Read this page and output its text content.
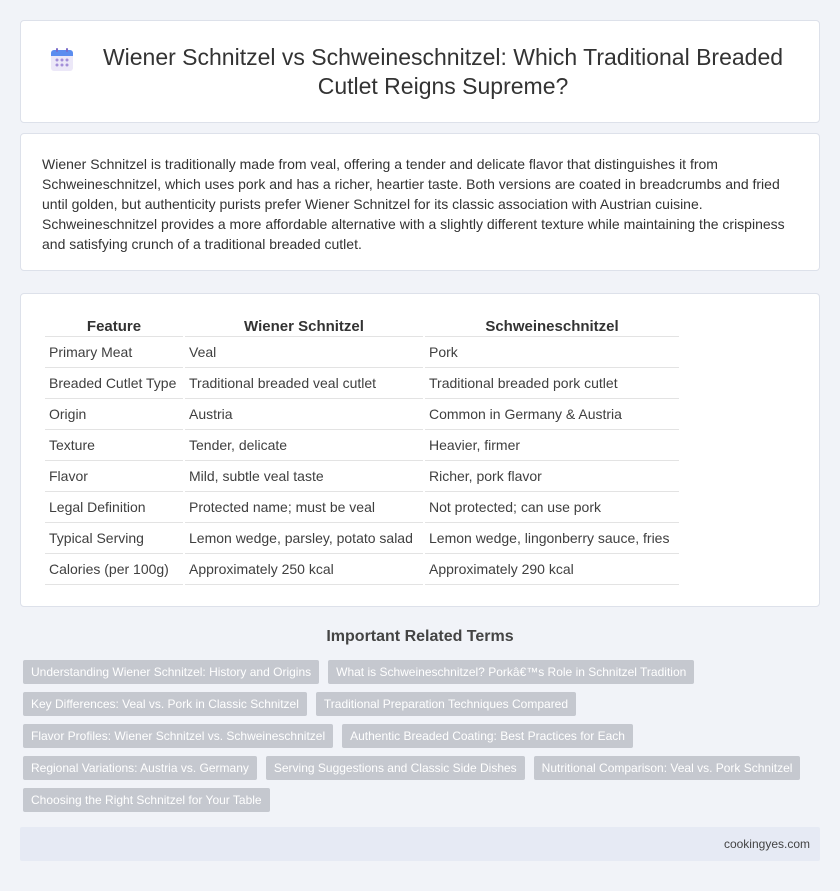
Wiener Schnitzel vs Schweineschnitzel: Which Traditional Breaded Cutlet Reigns Supreme?

Wiener Schnitzel is traditionally made from veal, offering a tender and delicate flavor that distinguishes it from Schweineschnitzel, which uses pork and has a richer, heartier taste. Both versions are coated in breadcrumbs and fried until golden, but authenticity purists prefer Wiener Schnitzel for its classic association with Austrian cuisine. Schweineschnitzel provides a more affordable alternative with a slightly different texture while maintaining the crispiness and satisfying crunch of a traditional breaded cutlet.

Feature	Wiener Schnitzel	Schweineschnitzel
Primary Meat	Veal	Pork
Breaded Cutlet Type	Traditional breaded veal cutlet	Traditional breaded pork cutlet
Origin	Austria	Common in Germany & Austria
Texture	Tender, delicate	Heavier, firmer
Flavor	Mild, subtle veal taste	Richer, pork flavor
Legal Definition	Protected name; must be veal	Not protected; can use pork
Typical Serving	Lemon wedge, parsley, potato salad	Lemon wedge, lingonberry sauce, fries
Calories (per 100g)	Approximately 250 kcal	Approximately 290 kcal
Important Related Terms
Understanding Wiener Schnitzel: History and Origins	What is Schweineschnitzel? Porkâ€™s Role in Schnitzel Tradition
Key Differences: Veal vs. Pork in Classic Schnitzel	Traditional Preparation Techniques Compared
Flavor Profiles: Wiener Schnitzel vs. Schweineschnitzel	Authentic Breaded Coating: Best Practices for Each
Regional Variations: Austria vs. Germany	Serving Suggestions and Classic Side Dishes	Nutritional Comparison: Veal vs. Pork Schnitzel
Choosing the Right Schnitzel for Your Table
cookingyes.com
